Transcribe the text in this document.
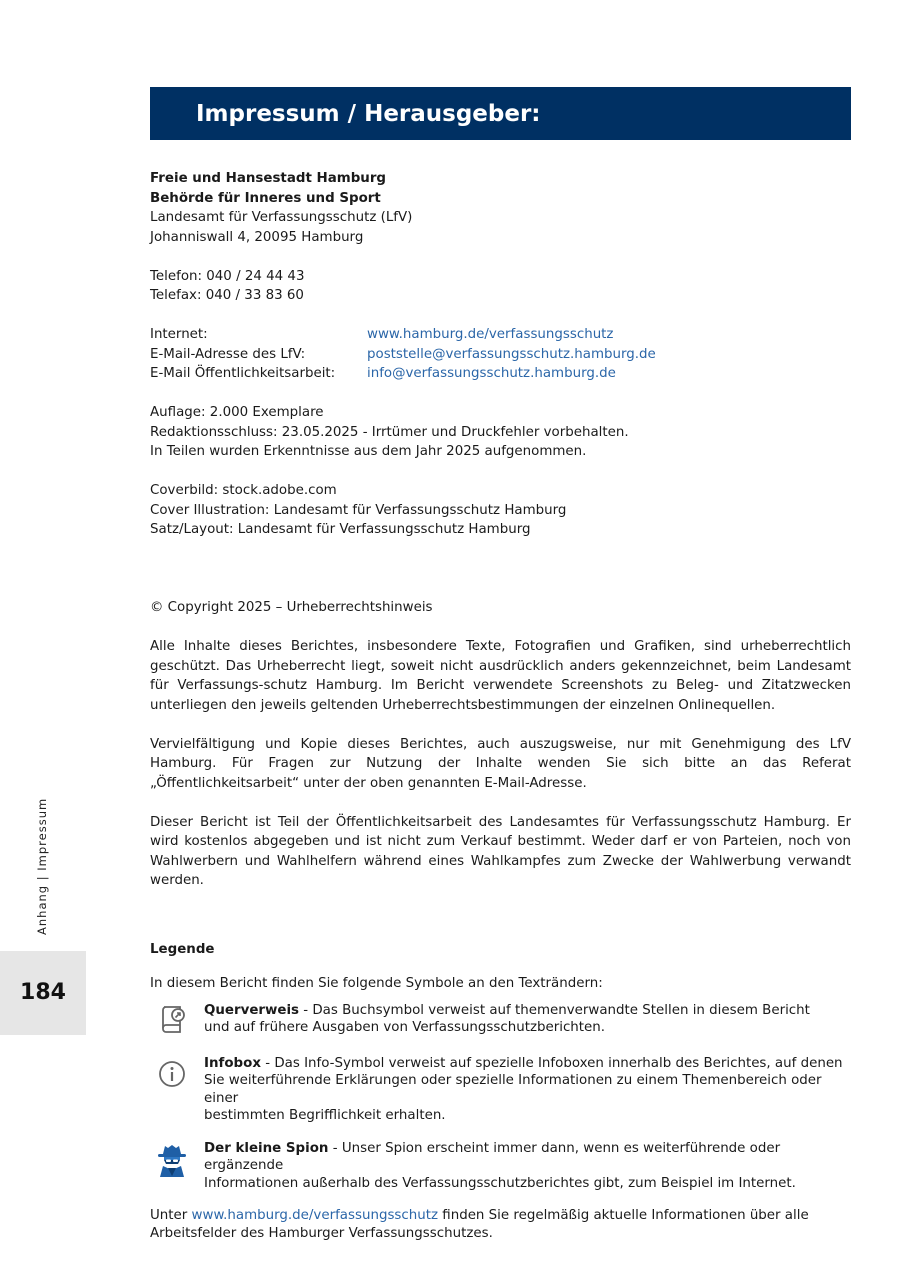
Impressum / Herausgeber:

Freie und Hansestadt Hamburg

Behörde für Inneres und Sport

Landesamt für Verfassungsschutz (LfV)

Johanniswall 4, 20095 Hamburg

Telefon: 040 / 24 44 43

Telefax: 040 / 33 83 60

Internet:	www.hamburg.de/verfassungsschutz
E-Mail-Adresse des LfV:	poststelle@verfassungsschutz.hamburg.de
E-Mail Öffentlichkeitsarbeit:	info@verfassungsschutz.hamburg.de

Auflage: 2.000 Exemplare

Redaktionsschluss: 23.05.2025 - Irrtümer und Druckfehler vorbehalten.

In Teilen wurden Erkenntnisse aus dem Jahr 2025 aufgenommen.

Coverbild: stock.adobe.com

Cover Illustration: Landesamt für Verfassungsschutz Hamburg

Satz/Layout: Landesamt für Verfassungsschutz Hamburg

© Copyright 2025 – Urheberrechtshinweis

Alle Inhalte dieses Berichtes, insbesondere Texte, Fotografien und Grafiken, sind urheberrechtlich geschützt. Das Urheberrecht liegt, soweit nicht ausdrücklich anders gekennzeichnet, beim Landesamt für Verfassungs-schutz Hamburg. Im Bericht verwendete Screenshots zu Beleg- und Zitatzwecken unterliegen den jeweils geltenden Urheberrechtsbestimmungen der einzelnen Onlinequellen.

Vervielfältigung und Kopie dieses Berichtes, auch auszugsweise, nur mit Genehmigung des LfV Hamburg. Für Fragen zur Nutzung der Inhalte wenden Sie sich bitte an das Referat „Öffentlichkeitsarbeit“ unter der oben genannten E-Mail-Adresse.

Dieser Bericht ist Teil der Öffentlichkeitsarbeit des Landesamtes für Verfassungsschutz Hamburg. Er wird kostenlos abgegeben und ist nicht zum Verkauf bestimmt. Weder darf er von Parteien, noch von Wahlwerbern und Wahlhelfern während eines Wahlkampfes zum Zwecke der Wahlwerbung verwandt werden.

Legende

In diesem Bericht finden Sie folgende Symbole an den Texträndern:

Querverweis - Das Buchsymbol verweist auf themenverwandte Stellen in diesem Bericht
und auf frühere Ausgaben von Verfassungsschutzberichten.
Infobox - Das Info-Symbol verweist auf spezielle Infoboxen innerhalb des Berichtes, auf denen
Sie weiterführende Erklärungen oder spezielle Informationen zu einem Themenbereich oder einer
bestimmten Begrifflichkeit erhalten.
Der kleine Spion - Unser Spion erscheint immer dann, wenn es weiterführende oder ergänzende
Informationen außerhalb des Verfassungsschutzberichtes gibt, zum Beispiel im Internet.
Unter www.hamburg.de/verfassungsschutz finden Sie regelmäßig aktuelle Informationen über alle
Arbeitsfelder des Hamburger Verfassungsschutzes.
Anhang | Impressum
184
